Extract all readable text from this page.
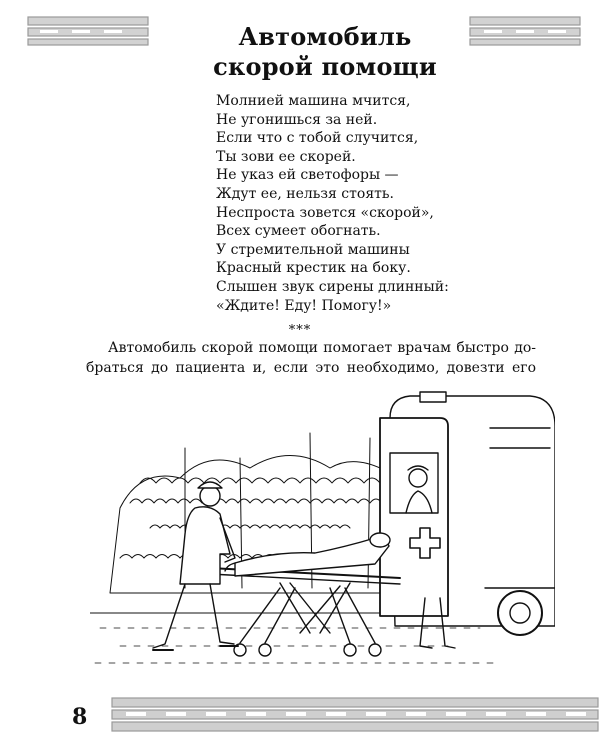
Автомобиль
скорой помощи
Молнией машина мчится,
Не угонишься за ней.
Если что с тобой случится,
Ты зови ее скорей.
Не указ ей светофоры —
Ждут ее, нельзя стоять.
Неспроста зовется «скорой»,
Всех сумеет обогнать.
У стремительной машины
Красный крестик на боку.
Слышен звук сирены длинный:
«Ждите! Еду! Помогу!»
***
Автомобиль скорой помощи помогает врачам быстро до-
браться до пациента и, если это необходимо, довезти его
8
